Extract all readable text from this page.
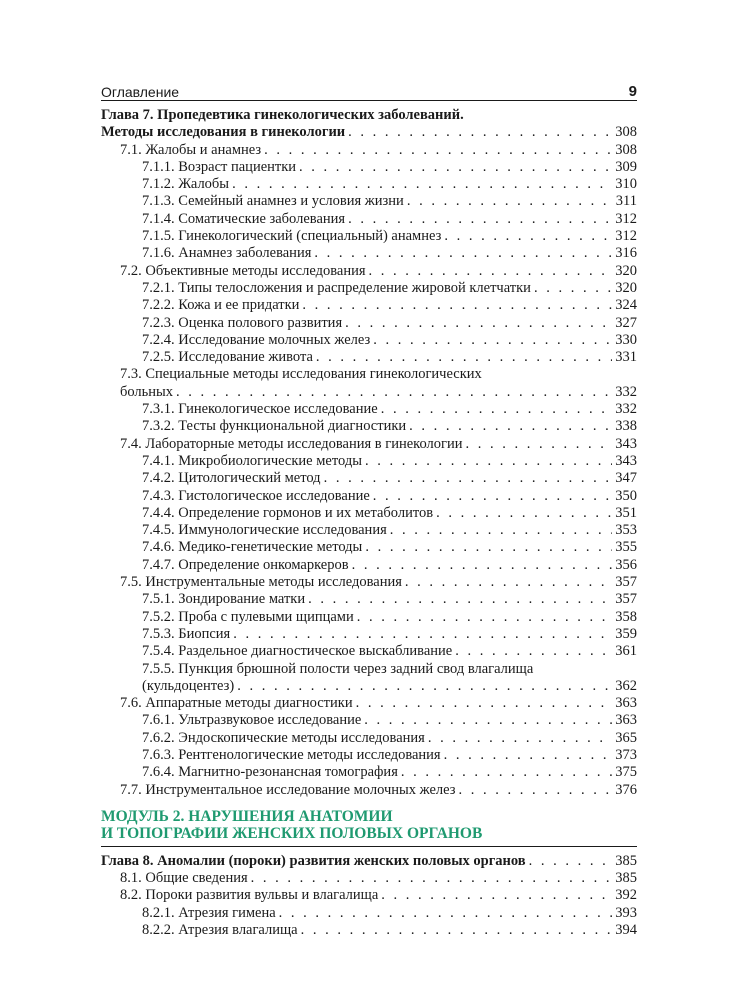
Оглавление	9
Глава 7. Пропедевтика гинекологических заболеваний.
Методы исследования в гинекологии . . .	308
7.1. Жалобы и анамнез . . .	308
7.1.1. Возраст пациентки . . .	309
7.1.2. Жалобы . . .	310
7.1.3. Семейный анамнез и условия жизни . . .	311
7.1.4. Соматические заболевания . . .	312
7.1.5. Гинекологический (специальный) анамнез . . .	312
7.1.6. Анамнез заболевания . . .	316
7.2. Объективные методы исследования . . .	320
7.2.1. Типы телосложения и распределение жировой клетчатки . . .	320
7.2.2. Кожа и ее придатки . . .	324
7.2.3. Оценка полового развития . . .	327
7.2.4. Исследование молочных желез . . .	330
7.2.5. Исследование живота . . .	331
7.3. Специальные методы исследования гинекологических
больных . . .	332
7.3.1. Гинекологическое исследование . . .	332
7.3.2. Тесты функциональной диагностики . . .	338
7.4. Лабораторные методы исследования в гинекологии . . .	343
7.4.1. Микробиологические методы . . .	343
7.4.2. Цитологический метод . . .	347
7.4.3. Гистологическое исследование . . .	350
7.4.4. Определение гормонов и их метаболитов . . .	351
7.4.5. Иммунологические исследования . . .	353
7.4.6. Медико-генетические методы . . .	355
7.4.7. Определение онкомаркеров . . .	356
7.5. Инструментальные методы исследования . . .	357
7.5.1. Зондирование матки . . .	357
7.5.2. Проба с пулевыми щипцами . . .	358
7.5.3. Биопсия . . .	359
7.5.4. Раздельное диагностическое выскабливание . . .	361
7.5.5. Пункция брюшной полости через задний свод влагалища
(кульдоцентез) . . .	362
7.6. Аппаратные методы диагностики . . .	363
7.6.1. Ультразвуковое исследование . . .	363
7.6.2. Эндоскопические методы исследования . . .	365
7.6.3. Рентгенологические методы исследования . . .	373
7.6.4. Магнитно-резонансная томография . . .	375
7.7. Инструментальное исследование молочных желез . . .	376
МОДУЛЬ 2. НАРУШЕНИЯ АНАТОМИИ
И ТОПОГРАФИИ ЖЕНСКИХ ПОЛОВЫХ ОРГАНОВ
Глава 8. Аномалии (пороки) развития женских половых органов . . .	385
8.1. Общие сведения . . .	385
8.2. Пороки развития вульвы и влагалища . . .	392
8.2.1. Атрезия гимена . . .	393
8.2.2. Атрезия влагалища . . .	394
